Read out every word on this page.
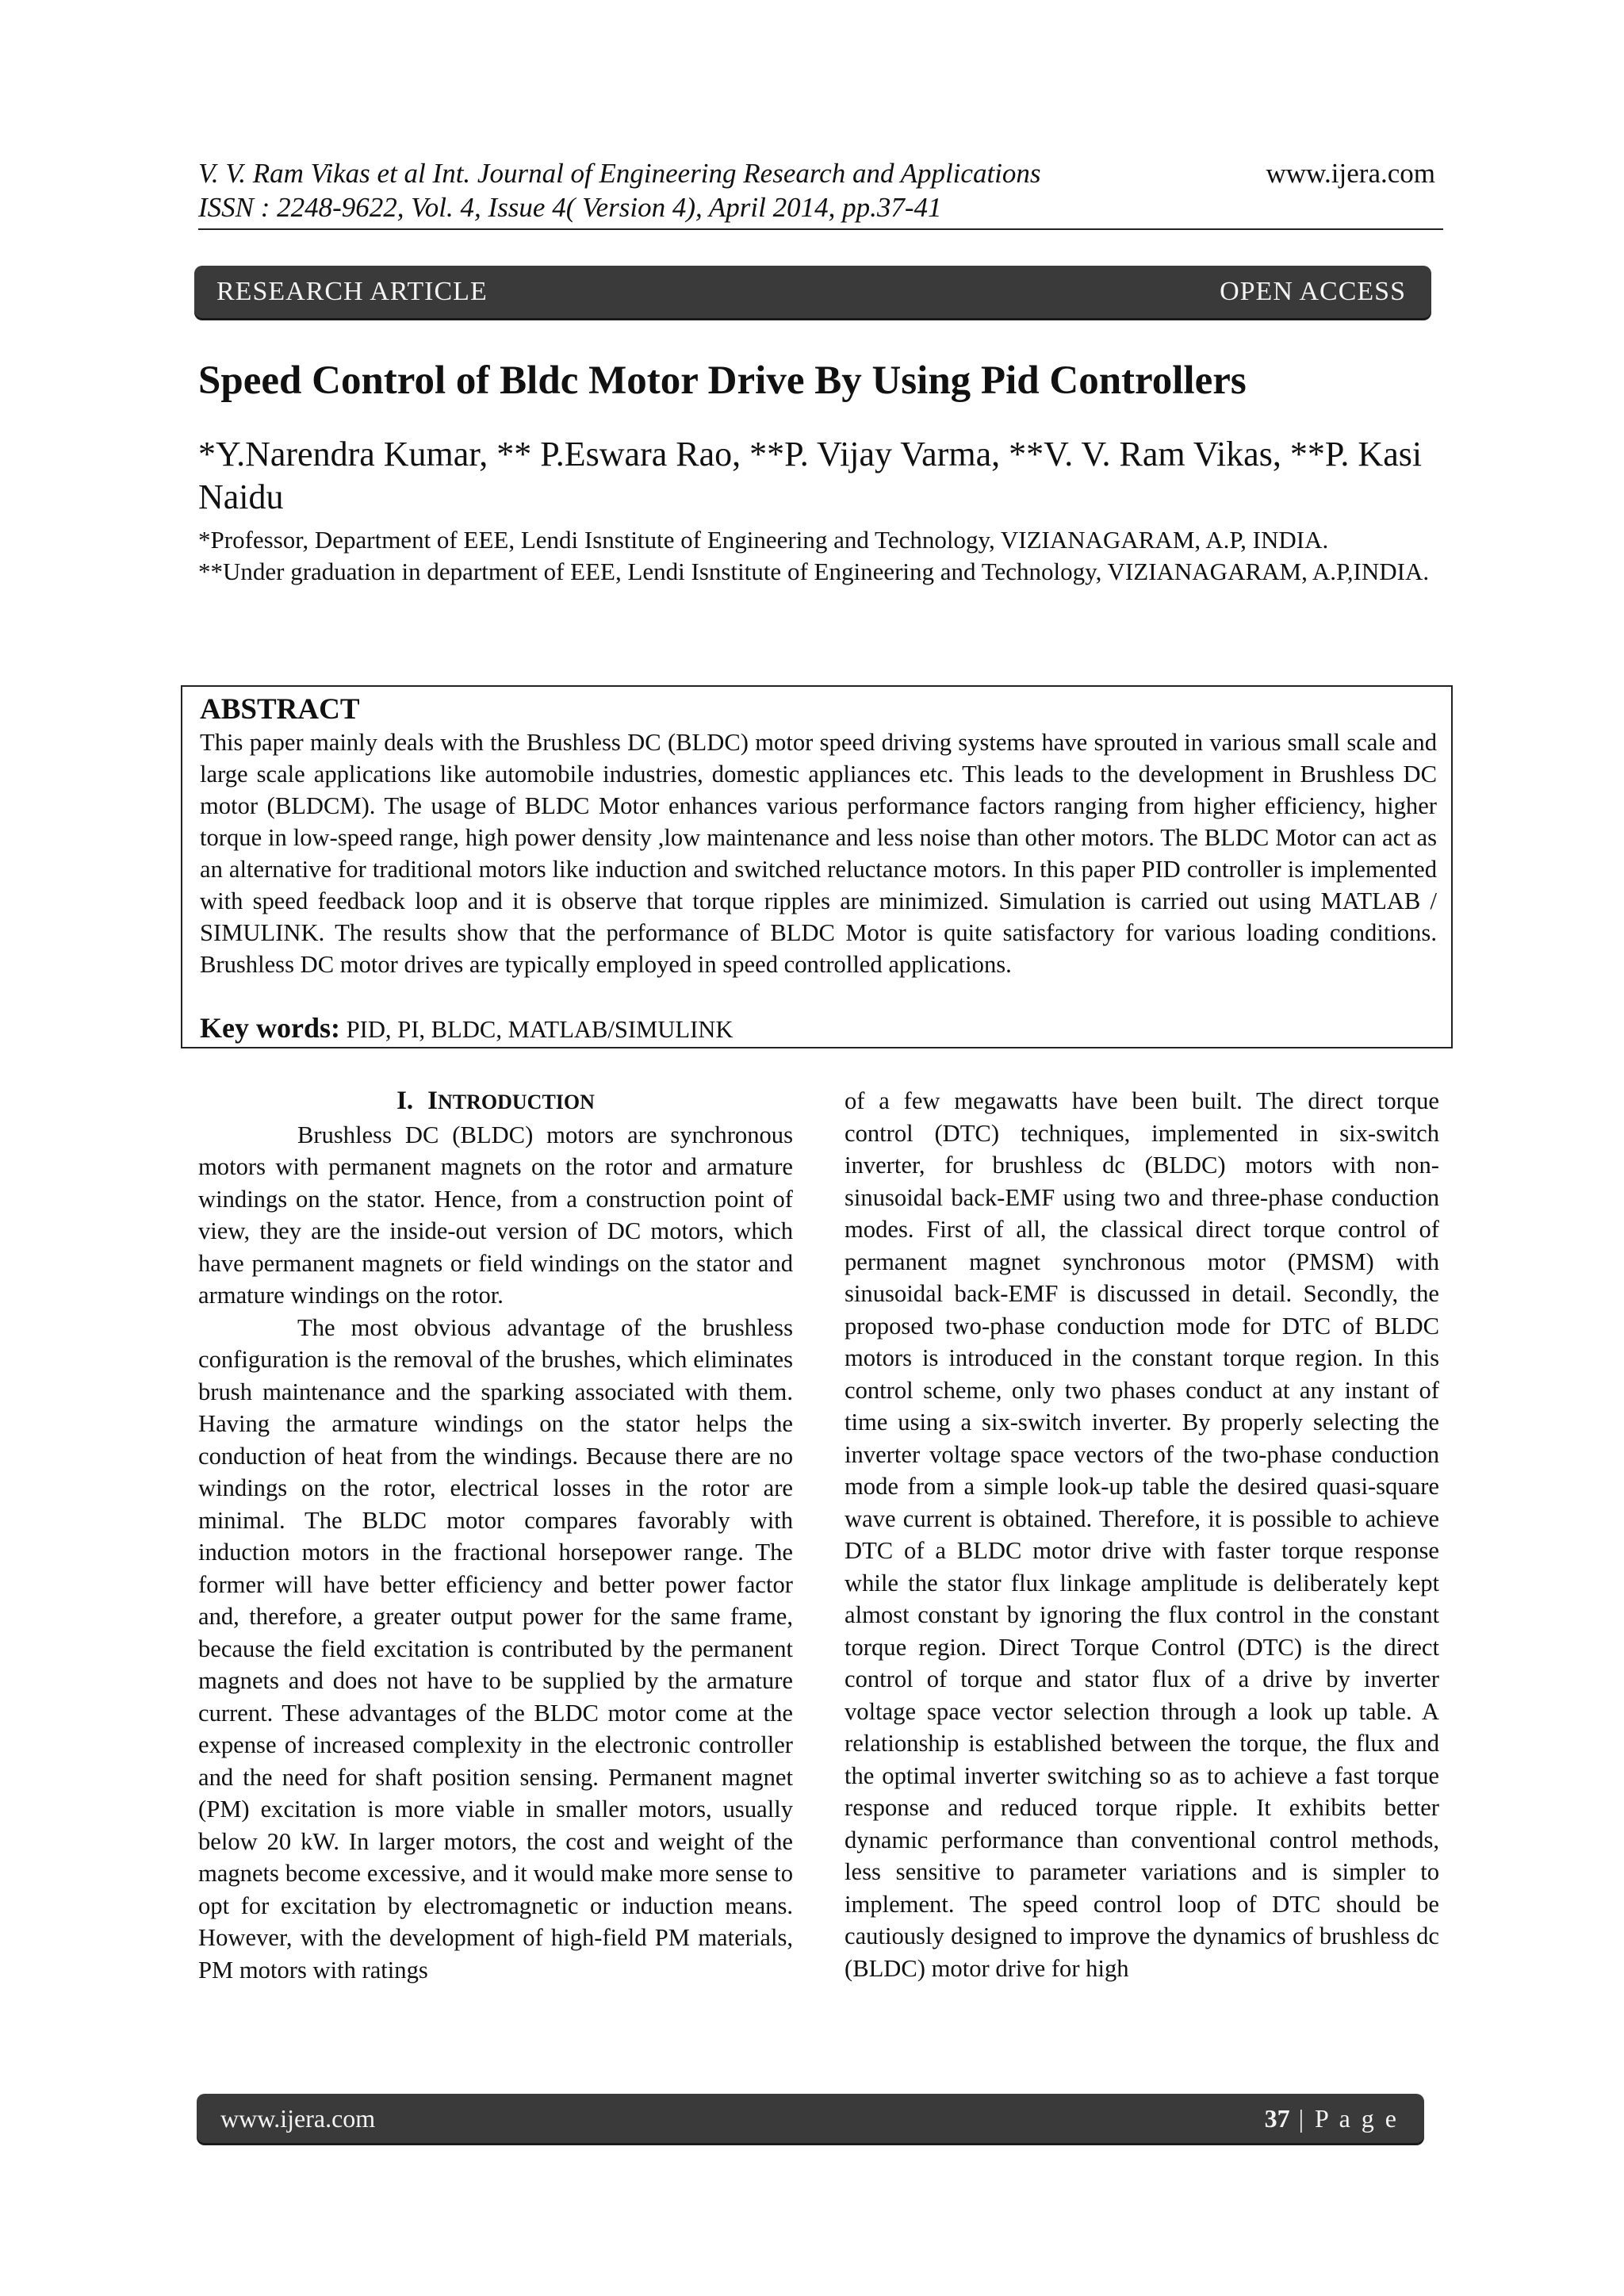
V. V. Ram Vikas et al Int. Journal of Engineering Research and Applications
ISSN : 2248-9622, Vol. 4, Issue 4( Version 4), April 2014, pp.37-41
www.ijera.com
RESEARCH ARTICLE	OPEN ACCESS
Speed Control of Bldc Motor Drive By Using Pid Controllers
*Y.Narendra Kumar, ** P.Eswara Rao, **P. Vijay Varma, **V. V. Ram Vikas, **P. Kasi Naidu

*Professor, Department of EEE, Lendi Isnstitute of Engineering and Technology, VIZIANAGARAM, A.P, INDIA.

**Under graduation in department of EEE, Lendi Isnstitute of Engineering and Technology, VIZIANAGARAM, A.P,INDIA.

ABSTRACT

This paper mainly deals with the Brushless DC (BLDC) motor speed driving systems have sprouted in various small scale and large scale applications like automobile industries, domestic appliances etc. This leads to the development in Brushless DC motor (BLDCM). The usage of BLDC Motor enhances various performance factors ranging from higher efficiency, higher torque in low-speed range, high power density ,low maintenance and less noise than other motors. The BLDC Motor can act as an alternative for traditional motors like induction and switched reluctance motors. In this paper PID controller is implemented with speed feedback loop and it is observe that torque ripples are minimized. Simulation is carried out using MATLAB / SIMULINK. The results show that the performance of BLDC Motor is quite satisfactory for various loading conditions. Brushless DC motor drives are typically employed in speed controlled applications.

Key words: PID, PI, BLDC, MATLAB/SIMULINK
I. INTRODUCTION

Brushless DC (BLDC) motors are synchronous motors with permanent magnets on the rotor and armature windings on the stator. Hence, from a construction point of view, they are the inside-out version of DC motors, which have permanent magnets or field windings on the stator and armature windings on the rotor.

The most obvious advantage of the brushless configuration is the removal of the brushes, which eliminates brush maintenance and the sparking associated with them. Having the armature windings on the stator helps the conduction of heat from the windings. Because there are no windings on the rotor, electrical losses in the rotor are minimal. The BLDC motor compares favorably with induction motors in the fractional horsepower range. The former will have better efficiency and better power factor and, therefore, a greater output power for the same frame, because the field excitation is contributed by the permanent magnets and does not have to be supplied by the armature current. These advantages of the BLDC motor come at the expense of increased complexity in the electronic controller and the need for shaft position sensing. Permanent magnet (PM) excitation is more viable in smaller motors, usually below 20 kW. In larger motors, the cost and weight of the magnets become excessive, and it would make more sense to opt for excitation by electromagnetic or induction means. However, with the development of high-field PM materials, PM motors with ratings

of a few megawatts have been built. The direct torque control (DTC) techniques, implemented in six-switch inverter, for brushless dc (BLDC) motors with non-sinusoidal back-EMF using two and three-phase conduction modes. First of all, the classical direct torque control of permanent magnet synchronous motor (PMSM) with sinusoidal back-EMF is discussed in detail. Secondly, the proposed two-phase conduction mode for DTC of BLDC motors is introduced in the constant torque region. In this control scheme, only two phases conduct at any instant of time using a six-switch inverter. By properly selecting the inverter voltage space vectors of the two-phase conduction mode from a simple look-up table the desired quasi-square wave current is obtained. Therefore, it is possible to achieve DTC of a BLDC motor drive with faster torque response while the stator flux linkage amplitude is deliberately kept almost constant by ignoring the flux control in the constant torque region. Direct Torque Control (DTC) is the direct control of torque and stator flux of a drive by inverter voltage space vector selection through a look up table. A relationship is established between the torque, the flux and the optimal inverter switching so as to achieve a fast torque response and reduced torque ripple. It exhibits better dynamic performance than conventional control methods, less sensitive to parameter variations and is simpler to implement. The speed control loop of DTC should be cautiously designed to improve the dynamics of brushless dc (BLDC) motor drive for high

www.ijera.com	37 | P a g e
